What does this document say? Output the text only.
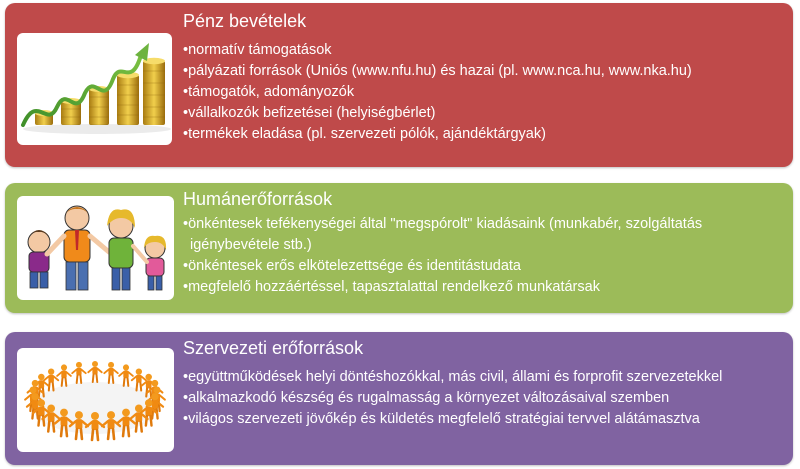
Pénz bevételek
• normatív támogatások
• pályázati források (Uniós (www.nfu.hu) és hazai (pl. www.nca.hu, www.nka.hu)
• támogatók, adományozók
• vállalkozók befizetései (helyiségbérlet)
• termékek eladása (pl. szervezeti pólók, ajándéktárgyak)
Humánerőforrások
• önkéntesek tefékenységei által "megspórolt" kiadásaink (munkabér, szolgáltatás igénybevétele stb.)
• önkéntesek erős elkötelezettsége és identitástudata
• megfelelő hozzáértéssel, tapasztalattal rendelkező munkatársak
Szervezeti erőforrások
• együttműködések helyi döntéshozókkal, más civil, állami és forprofit szervezetekkel
• alkalmazkodó készség és rugalmasság a környezet változásaival szemben
• világos szervezeti jövőkép és küldetés megfelelő stratégiai tervvel alátámasztva
